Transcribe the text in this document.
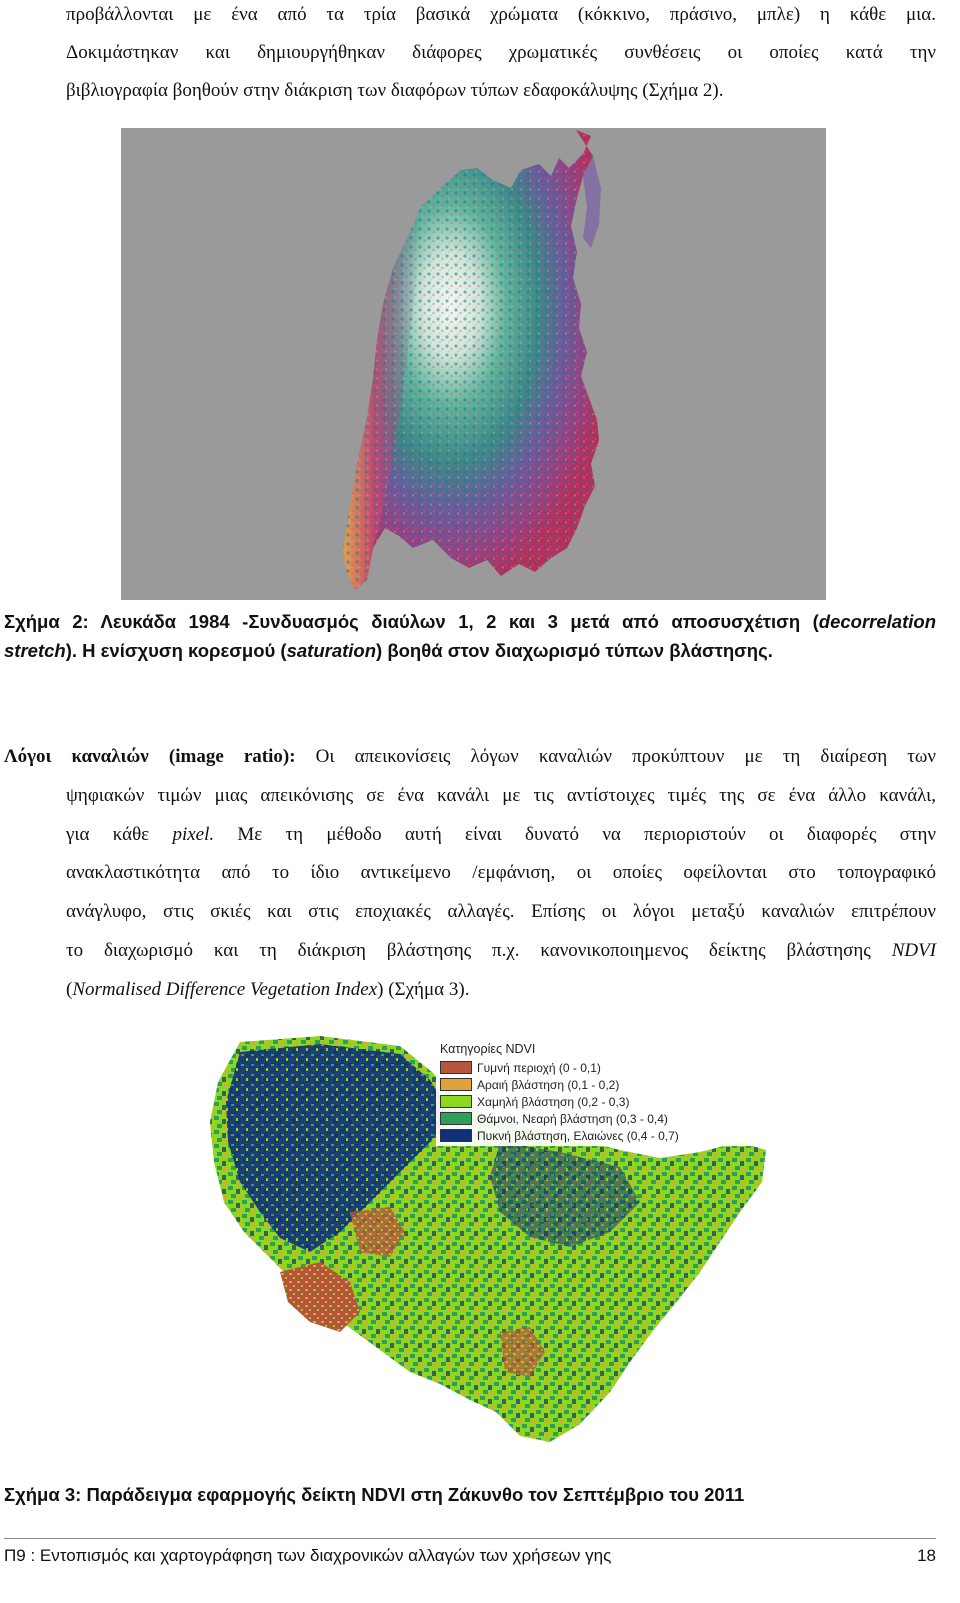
προβάλλονται με ένα από τα τρία βασικά χρώματα (κόκκινο, πράσινο, μπλε) η κάθε μια.
Δοκιμάστηκαν και δημιουργήθηκαν διάφορες χρωματικές συνθέσεις οι οποίες κατά την
βιβλιογραφία βοηθούν στην διάκριση των διαφόρων τύπων εδαφοκάλυψης (Σχήμα 2).
Σχήμα 2: Λευκάδα 1984 -Συνδυασμός διαύλων 1, 2 και 3 μετά από αποσυσχέτιση (decorrelation
stretch). Η ενίσχυση κορεσμού (saturation) βοηθά στον διαχωρισμό τύπων βλάστησης.
Λόγοι καναλιών (image ratio): Οι απεικονίσεις λόγων καναλιών προκύπτουν με τη διαίρεση των
ψηφιακών τιμών μιας απεικόνισης σε ένα κανάλι με τις αντίστοιχες τιμές της σε ένα άλλο κανάλι,
για κάθε pixel. Με τη μέθοδο αυτή είναι δυνατό να περιοριστούν οι διαφορές στην
ανακλαστικότητα από το ίδιο αντικείμενο /εμφάνιση, οι οποίες οφείλονται στο τοπογραφικό
ανάγλυφο, στις σκιές και στις εποχιακές αλλαγές. Επίσης οι λόγοι μεταξύ καναλιών επιτρέπουν
το διαχωρισμό και τη διάκριση βλάστησης π.χ. κανονικοποιημενος δείκτης βλάστησης NDVI
(Normalised Difference Vegetation Index) (Σχήμα 3).
Κατηγορίες NDVI
Γυμνή περιοχή (0 - 0,1)
Αραιή βλάστηση (0,1 - 0,2)
Χαμηλή βλάστηση (0,2 - 0,3)
Θάμνοι, Νεαρή βλάστηση (0,3 - 0,4)
Πυκνή βλάστηση, Ελαιώνες (0,4 - 0,7)
Σχήμα 3: Παράδειγμα εφαρμογής δείκτη NDVI στη Ζάκυνθο τον Σεπτέμβριο του 2011
Π9 : Εντοπισμός και χαρτογράφηση των διαχρονικών αλλαγών των χρήσεων γης	18
